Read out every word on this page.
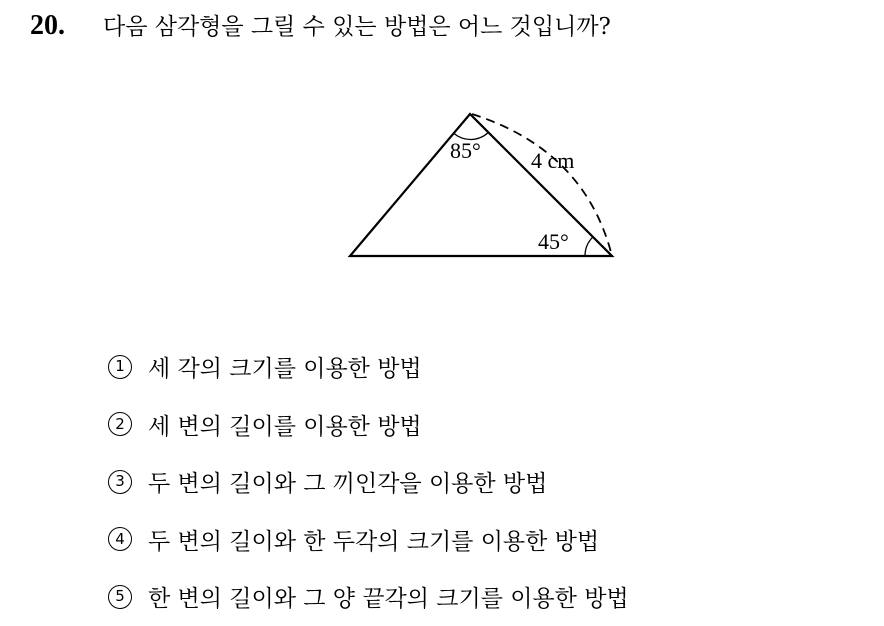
20. 다음 삼각형을 그릴 수 있는 방법은 어느 것입니까?
85° 4 cm
45°
1	세 각의 크기를 이용한 방법
2	세 변의 길이를 이용한 방법
3	두 변의 길이와 그 끼인각을 이용한 방법
4	두 변의 길이와 한 두각의 크기를 이용한 방법
5	한 변의 길이와 그 양 끝각의 크기를 이용한 방법
